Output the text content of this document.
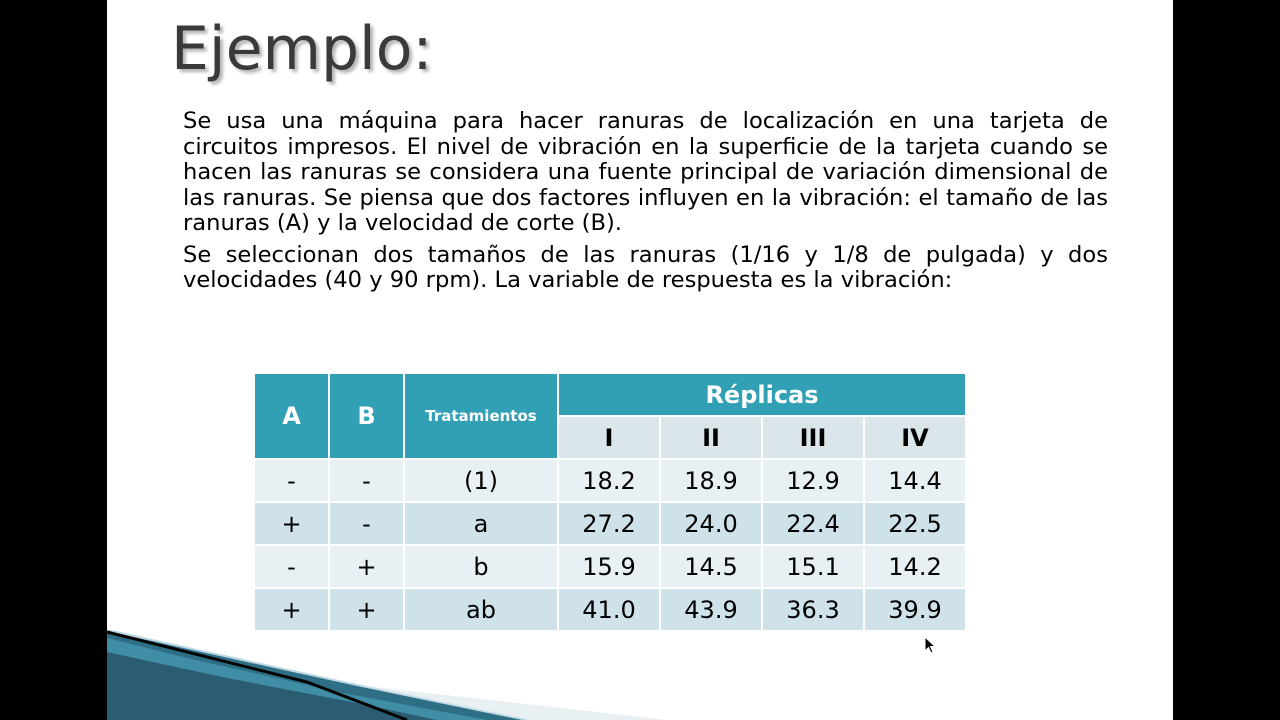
Ejemplo:

Se usa una máquina para hacer ranuras de localización en una tarjeta de circuitos impresos. El nivel de vibración en la superficie de la tarjeta cuando se hacen las ranuras se considera una fuente principal de variación dimensional de las ranuras. Se piensa que dos factores influyen en la vibración: el tamaño de las ranuras (A) y la velocidad de corte (B).

Se seleccionan dos tamaños de las ranuras (1/16 y 1/8 de pulgada) y dos velocidades (40 y 90 rpm). La variable de respuesta es la vibración:

A	B	Tratamientos	Réplicas			
			I	II	III	IV
-	-	(1)	18.2	18.9	12.9	14.4
+	-	a	27.2	24.0	22.4	22.5
-	+	b	15.9	14.5	15.1	14.2
+	+	ab	41.0	43.9	36.3	39.9
